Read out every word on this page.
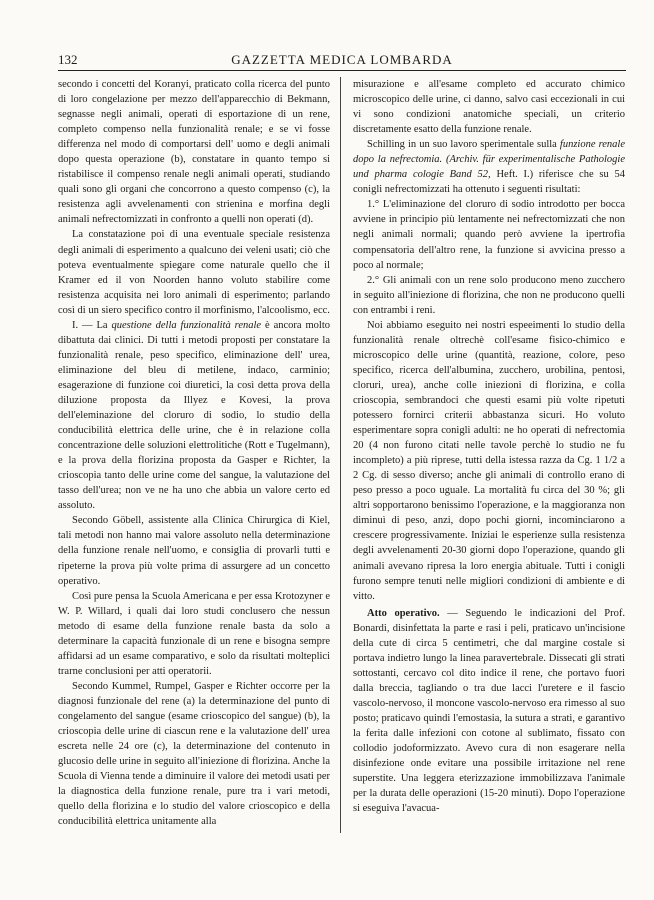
132	GAZZETTA MEDICA LOMBARDA

secondo i concetti del Koranyi, praticato colla ricerca del punto di loro congelazione per mezzo dell'apparecchio di Bekmann, segnasse negli animali, operati di esportazione di un rene, completo compenso nella funzionalità renale; e se vi fosse differenza nel modo di comportarsi dell' uomo e degli animali dopo questa operazione (b), constatare in quanto tempo si ristabilisce il compenso renale negli animali operati, studiando quali sono gli organi che concorrono a questo compenso (c), la resistenza agli avvelenamenti con strienina e morfina degli animali nefrectomizzati in confronto a quelli non operati (d).

La constatazione poi di una eventuale speciale resistenza degli animali di esperimento a qualcuno dei veleni usati; ciò che poteva eventualmente spiegare come naturale quello che il Kramer ed il von Noorden hanno voluto stabilire come resistenza acquisita nei loro animali di esperimento; parlando così di un siero specifico contro il morfinismo, l'alcoolismo, ecc.

I. — La questione della funzionalità renale è ancora molto dibattuta dai clinici. Di tutti i metodi proposti per constatare la funzionalità renale, peso specifico, eliminazione dell' urea, eliminazione del bleu di metilene, indaco, carminio; esagerazione di funzione coi diuretici, la così detta prova della diluzione proposta da Illyez e Kovesi, la prova dell'eleminazione del cloruro di sodio, lo studio della conducibilità elettrica delle urine, che è in relazione colla concentrazione delle soluzioni elettrolitiche (Rott e Tugelmann), e la prova della florizina proposta da Gasper e Richter, la crioscopia tanto delle urine come del sangue, la valutazione del tasso dell'urea; non ve ne ha uno che abbia un valore certo ed assoluto.

Secondo Göbell, assistente alla Clinica Chirurgica di Kiel, tali metodi non hanno mai valore assoluto nella determinazione della funzione renale nell'uomo, e consiglia di provarli tutti e ripeterne la prova più volte prima di assurgere ad un concetto operativo.

Così pure pensa la Scuola Americana e per essa Krotozyner e W. P. Willard, i quali dai loro studi conclusero che nessun metodo di esame della funzione renale basta da solo a determinare la capacità funzionale di un rene e bisogna sempre affidarsi ad un esame comparativo, e solo da risultati molteplici trarne conclusioni per atti operatorii.

Secondo Kummel, Rumpel, Gasper e Richter occorre per la diagnosi funzionale del rene (a) la determinazione del punto di congelamento del sangue (esame crioscopico del sangue) (b), la crioscopia delle urine di ciascun rene e la valutazione dell' urea escreta nelle 24 ore (c), la determinazione del contenuto in glucosio delle urine in seguito all'iniezione di florizina. Anche la Scuola di Vienna tende a diminuire il valore dei metodi usati per la diagnostica della funzione renale, pure tra i vari metodi, quello della florizina e lo studio del valore crioscopico e della conducibilità elettrica unitamente alla

misurazione e all'esame completo ed accurato chimico microscopico delle urine, ci danno, salvo casi eccezionali in cui vi sono condizioni anatomiche speciali, un criterio discretamente esatto della funzione renale.

Schilling in un suo lavoro sperimentale sulla funzione renale dopo la nefrectomia. (Archiv. für experimentalische Pathologie und pharma cologie Band 52, Heft. I.) riferisce che su 54 conigli nefrectomizzati ha ottenuto i seguenti risultati:

1.° L'eliminazione del cloruro di sodio introdotto per bocca avviene in principio più lentamente nei nefrectomizzati che non negli animali normali; quando però avviene la ipertrofia compensatoria dell'altro rene, la funzione si avvicina presso a poco al normale;

2.° Gli animali con un rene solo producono meno zucchero in seguito all'iniezione di florizina, che non ne producono quelli con entrambi i reni.

Noi abbiamo eseguito nei nostri espeeimenti lo studio della funzionalità renale oltrechè coll'esame fisico-chimico e microscopico delle urine (quantità, reazione, colore, peso specifico, ricerca dell'albumina, zucchero, urobilina, pentosi, cloruri, urea), anche colle iniezioni di florizina, e colla crioscopia, sembrandoci che questi esami più volte ripetuti potessero fornirci criterii abbastanza sicuri. Ho voluto esperimentare sopra conigli adulti: ne ho operati di nefrectomia 20 (4 non furono citati nelle tavole perchè lo studio ne fu incompleto) a più riprese, tutti della istessa razza da Cg. 1 1/2 a 2 Cg. di sesso diverso; anche gli animali di controllo erano di peso presso a poco uguale. La mortalità fu circa del 30 %; gli altri sopportarono benissimo l'operazione, e la maggioranza non diminuì di peso, anzi, dopo pochi giorni, incominciarono a crescere progressivamente. Iniziai le esperienze sulla resistenza degli avvelenamenti 20-30 giorni dopo l'operazione, quando gli animali avevano ripresa la loro energia abituale. Tutti i conigli furono sempre tenuti nelle migliori condizioni di ambiente e di vitto.

Atto operativo. — Seguendo le indicazioni del Prof. Bonardi, disinfettata la parte e rasi i peli, praticavo un'incisione della cute di circa 5 centimetri, che dal margine costale si portava indietro lungo la linea paravertebrale. Dissecati gli strati sottostanti, cercavo col dito indice il rene, che portavo fuori dalla breccia, tagliando o tra due lacci l'uretere e il fascio vascolo-nervoso, il moncone vascolo-nervoso era rimesso al suo posto; praticavo quindi l'emostasia, la sutura a strati, e garantivo la ferita dalle infezioni con cotone al sublimato, fissato con collodio jodoformizzato. Avevo cura di non esagerare nella disinfezione onde evitare una possibile irritazione nel rene superstite. Una leggera eterizzazione immobilizzava l'animale per la durata delle operazioni (15-20 minuti). Dopo l'operazione si eseguiva l'avacua-
